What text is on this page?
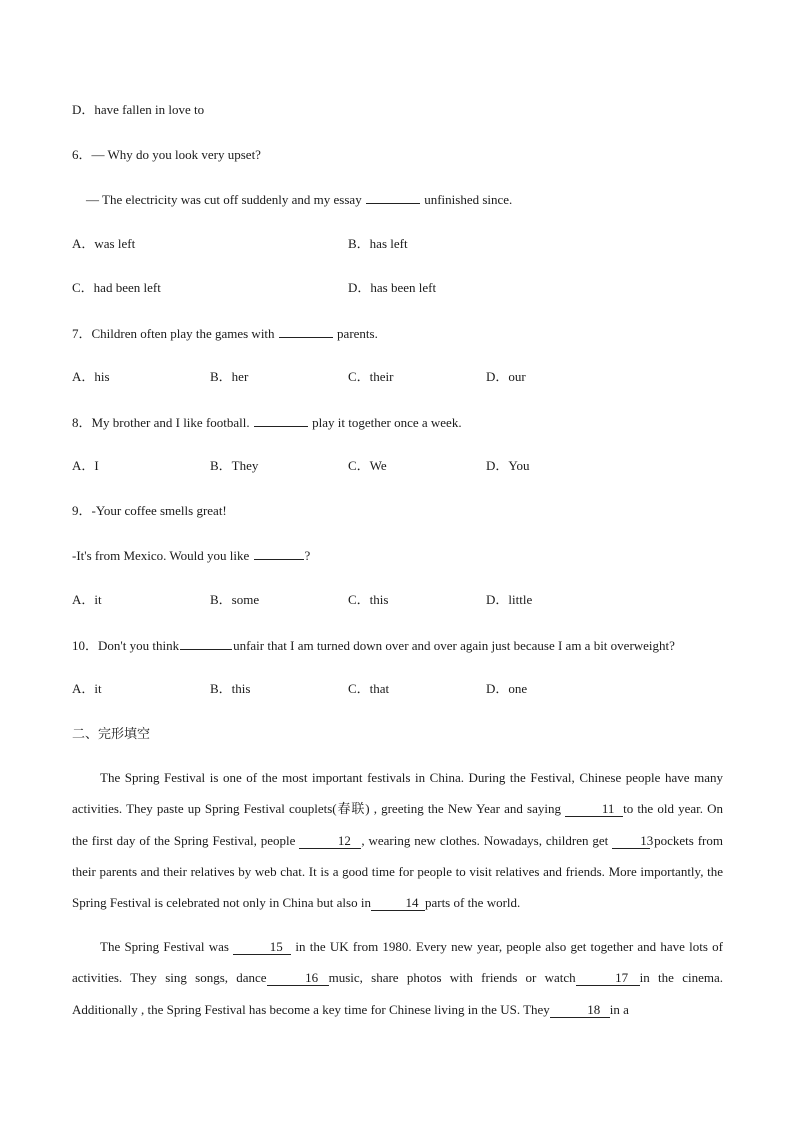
D．have fallen in love to
6．— Why do you look very upset?
— The electricity was cut off suddenly and my essay	unfinished since.
A．was left	B．has left
C．had been left	D．has been left
7．Children often play the games with	parents.
A．his	B．her	C．their	D．our
8．My brother and I like football.	play it together once a week.
A．I	B．They	C．We	D．You
9．-Your coffee smells great!
-It's from Mexico. Would you like	?
A．it	B．some	C．this	D．little
10．Don't you think	unfair that I am turned down over and over again just because I am a bit overweight?
A．it	B．this	C．that	D．one
二、完形填空
The Spring Festival is one of the most important festivals in China. During the Festival, Chinese people have many activities. They paste up Spring Festival couplets(春联) , greeting the New Year and saying	11 to the old year. On the first day of the Spring Festival, people	12 , wearing new clothes. Nowadays, children get 13 pockets from their parents and their relatives by web chat. It is a good time for people to visit relatives and friends. More importantly, the Spring Festival is celebrated not only in China but also in	14 parts of the world.
The Spring Festival was	15 in the UK from 1980. Every new year, people also get together and have lots of activities. They sing songs, dance	16 music, share photos with friends or watch	17 in the cinema. Additionally , the Spring Festival has become a key time for Chinese living in the US. They	18 in a
